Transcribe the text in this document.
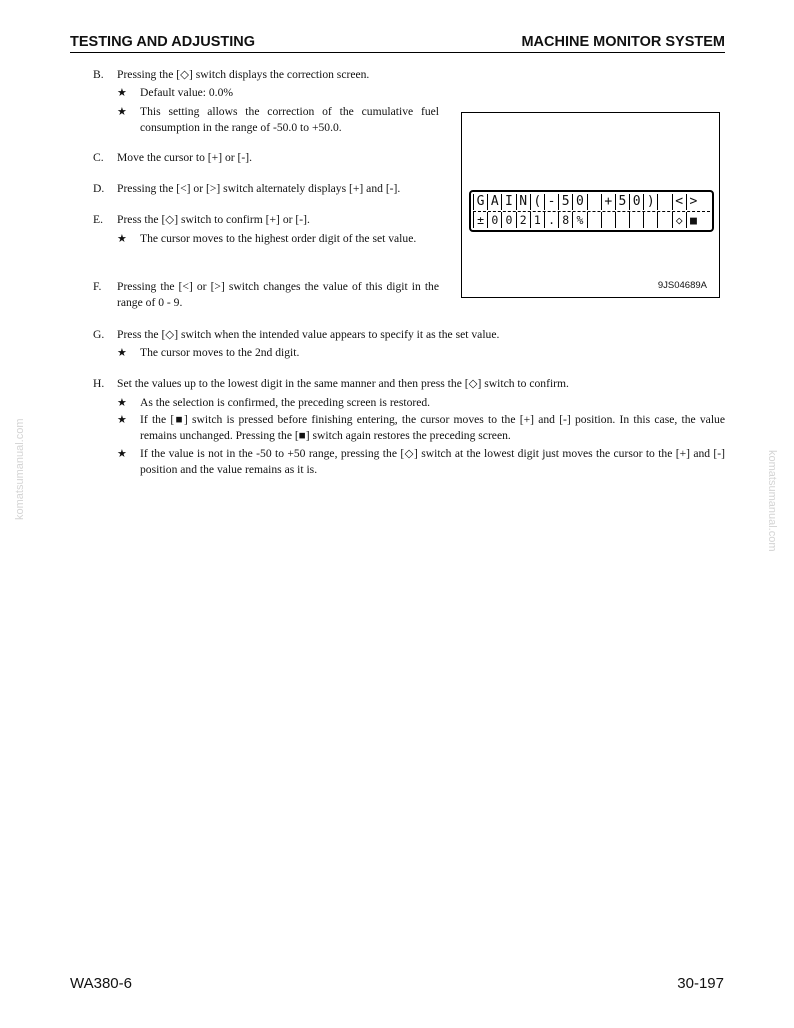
TESTING AND ADJUSTING	MACHINE MONITOR SYSTEM
B. Pressing the [◇] switch displays the correction screen.
★ Default value: 0.0%
★ This setting allows the correction of the cumulative fuel consumption in the range of -50.0 to +50.0.
C. Move the cursor to [+] or [-].
D. Pressing the [<] or [>] switch alternately displays [+] and [-].
E. Press the [◇] switch to confirm [+] or [-].
★ The cursor moves to the highest order digit of the set value.
F. Pressing the [<] or [>] switch changes the value of this digit in the range of 0 - 9.
G A I N ( - 5 0 + 5 0 ) < >
± 0 0 2 1 . 8 %	◇ ■
9JS04689A
G. Press the [◇] switch when the intended value appears to specify it as the set value.
★ The cursor moves to the 2nd digit.
H. Set the values up to the lowest digit in the same manner and then press the [◇] switch to confirm.
★ As the selection is confirmed, the preceding screen is restored.
★ If the [■] switch is pressed before finishing entering, the cursor moves to the [+] and [-] position. In this case, the value remains unchanged. Pressing the [■] switch again restores the preceding screen.
★ If the value is not in the -50 to +50 range, pressing the [◇] switch at the lowest digit just moves the cursor to the [+] and [-] position and the value remains as it is.
komatsumanual.com	komatsumanual.com
WA380-6	30-197
